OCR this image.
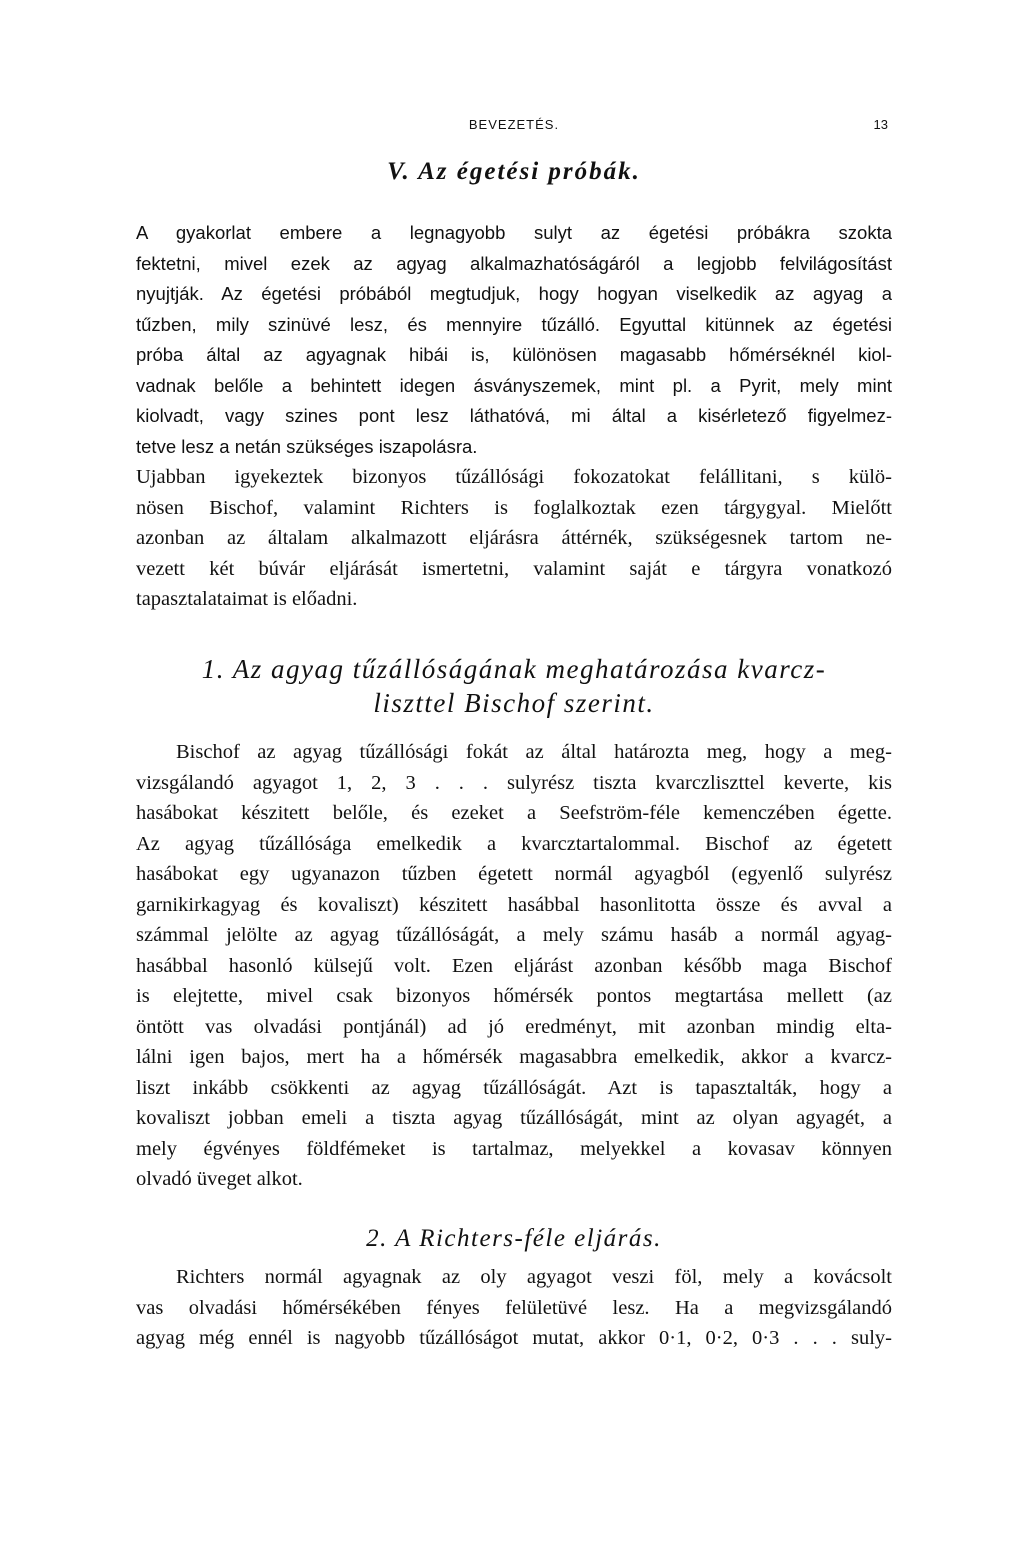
BEVEZETÉS.	13
V. Az égetési próbák.
A gyakorlat embere a legnagyobb sulyt az égetési próbákra szokta
fektetni, mivel ezek az agyag alkalmazhatóságáról a legjobb felvilágosítást
nyujtják. Az égetési próbából megtudjuk, hogy hogyan viselkedik az agyag a
tűzben, mily szinüvé lesz, és mennyire tűzálló. Egyuttal kitünnek az égetési
próba által az agyagnak hibái is, különösen magasabb hőmérséknél kiol-
vadnak belőle a behintett idegen ásványszemek, mint pl. a Pyrit, mely mint
kiolvadt, vagy szines pont lesz láthatóvá, mi által a kisérletező figyelmez-
tetve lesz a netán szükséges iszapolásra.
Ujabban igyekeztek bizonyos tűzállósági fokozatokat felállitani, s külö-
nösen Bischof, valamint Richters is foglalkoztak ezen tárgygyal. Mielőtt
azonban az általam alkalmazott eljárásra áttérnék, szükségesnek tartom ne-
vezett két búvár eljárását ismertetni, valamint saját e tárgyra vonatkozó
tapasztalataimat is előadni.
1. Az agyag tűzállóságának meghatározása kvarcz-
liszttel Bischof szerint.
Bischof az agyag tűzállósági fokát az által határozta meg, hogy a meg-
vizsgálandó agyagot 1, 2, 3 . . . sulyrész tiszta kvarczliszttel keverte, kis
hasábokat készitett belőle, és ezeket a Seefström-féle kemenczében égette.
Az agyag tűzállósága emelkedik a kvarcztartalommal. Bischof az égetett
hasábokat egy ugyanazon tűzben égetett normál agyagból (egyenlő sulyrész
garnikirkagyag és kovaliszt) készitett hasábbal hasonlitotta össze és avval a
számmal jelölte az agyag tűzállóságát, a mely számu hasáb a normál agyag-
hasábbal hasonló külsejű volt. Ezen eljárást azonban később maga Bischof
is elejtette, mivel csak bizonyos hőmérsék pontos megtartása mellett (az
öntött vas olvadási pontjánál) ad jó eredményt, mit azonban mindig elta-
lálni igen bajos, mert ha a hőmérsék magasabbra emelkedik, akkor a kvarcz-
liszt inkább csökkenti az agyag tűzállóságát. Azt is tapasztalták, hogy a
kovaliszt jobban emeli a tiszta agyag tűzállóságát, mint az olyan agyagét, a
mely égvényes földfémeket is tartalmaz, melyekkel a kovasav könnyen
olvadó üveget alkot.
2. A Richters-féle eljárás.
Richters normál agyagnak az oly agyagot veszi föl, mely a kovácsolt
vas olvadási hőmérsékében fényes felületüvé lesz. Ha a megvizsgálandó
agyag még ennél is nagyobb tűzállóságot mutat, akkor 0·1, 0·2, 0·3 . . . suly-
